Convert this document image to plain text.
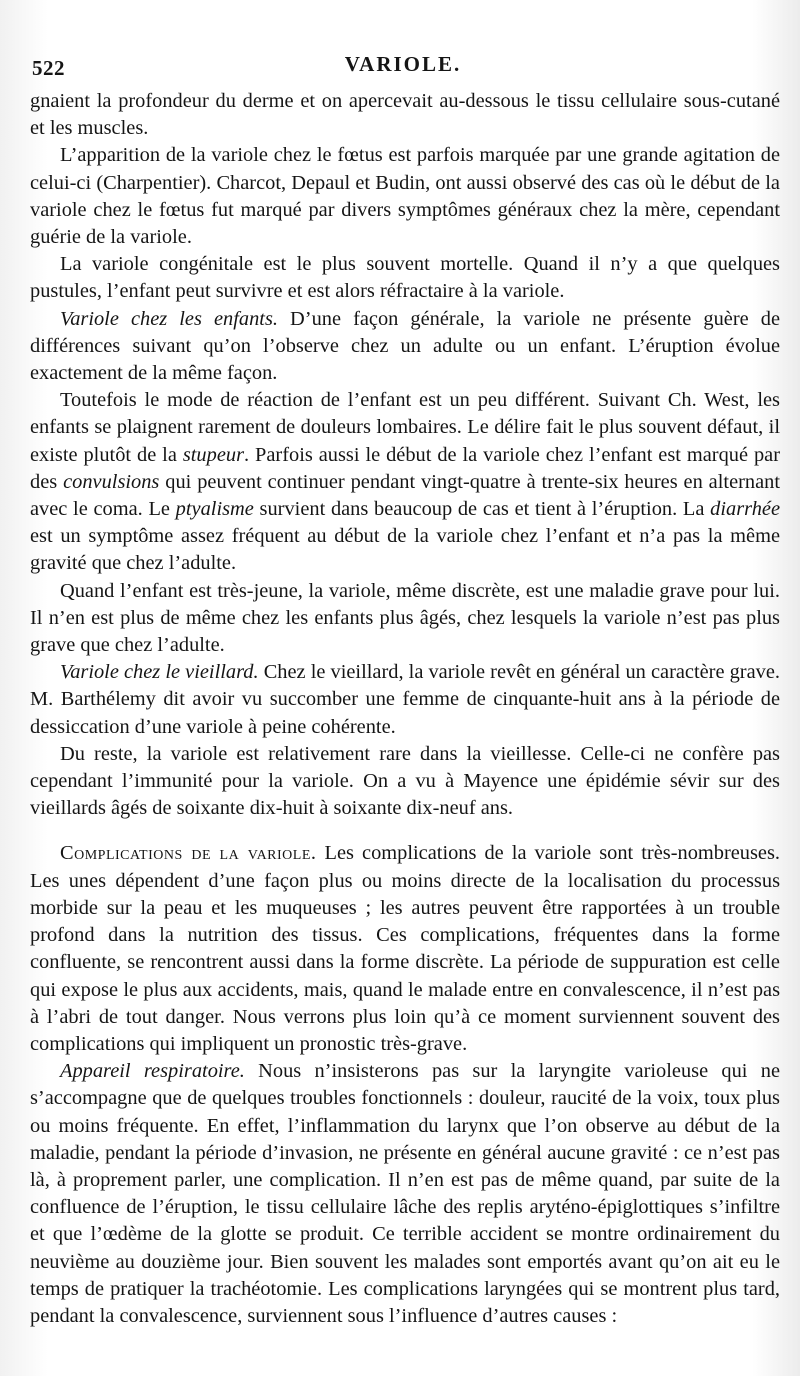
522	VARIOLE.

gnaient la profondeur du derme et on apercevait au-dessous le tissu cellulaire sous-cutané et les muscles.

L’apparition de la variole chez le fœtus est parfois marquée par une grande agitation de celui-ci (Charpentier). Charcot, Depaul et Budin, ont aussi observé des cas où le début de la variole chez le fœtus fut marqué par divers symptômes généraux chez la mère, cependant guérie de la variole.

La variole congénitale est le plus souvent mortelle. Quand il n’y a que quelques pustules, l’enfant peut survivre et est alors réfractaire à la variole.

Variole chez les enfants. D’une façon générale, la variole ne présente guère de différences suivant qu’on l’observe chez un adulte ou un enfant. L’éruption évolue exactement de la même façon.

Toutefois le mode de réaction de l’enfant est un peu différent. Suivant Ch. West, les enfants se plaignent rarement de douleurs lombaires. Le délire fait le plus souvent défaut, il existe plutôt de la stupeur. Parfois aussi le début de la variole chez l’enfant est marqué par des convulsions qui peuvent continuer pendant vingt-quatre à trente-six heures en alternant avec le coma. Le ptyalisme survient dans beaucoup de cas et tient à l’éruption. La diarrhée est un symptôme assez fréquent au début de la variole chez l’enfant et n’a pas la même gravité que chez l’adulte.

Quand l’enfant est très-jeune, la variole, même discrète, est une maladie grave pour lui. Il n’en est plus de même chez les enfants plus âgés, chez lesquels la variole n’est pas plus grave que chez l’adulte.

Variole chez le vieillard. Chez le vieillard, la variole revêt en général un caractère grave. M. Barthélemy dit avoir vu succomber une femme de cinquante-huit ans à la période de dessiccation d’une variole à peine cohérente.

Du reste, la variole est relativement rare dans la vieillesse. Celle-ci ne confère pas cependant l’immunité pour la variole. On a vu à Mayence une épidémie sévir sur des vieillards âgés de soixante dix-huit à soixante dix-neuf ans.

Complications de la variole. Les complications de la variole sont très-nombreuses. Les unes dépendent d’une façon plus ou moins directe de la localisation du processus morbide sur la peau et les muqueuses ; les autres peuvent être rapportées à un trouble profond dans la nutrition des tissus. Ces complications, fréquentes dans la forme confluente, se rencontrent aussi dans la forme discrète. La période de suppuration est celle qui expose le plus aux accidents, mais, quand le malade entre en convalescence, il n’est pas à l’abri de tout danger. Nous verrons plus loin qu’à ce moment surviennent souvent des complications qui impliquent un pronostic très-grave.

Appareil respiratoire. Nous n’insisterons pas sur la laryngite varioleuse qui ne s’accompagne que de quelques troubles fonctionnels : douleur, raucité de la voix, toux plus ou moins fréquente. En effet, l’inflammation du larynx que l’on observe au début de la maladie, pendant la période d’invasion, ne présente en général aucune gravité : ce n’est pas là, à proprement parler, une complication. Il n’en est pas de même quand, par suite de la confluence de l’éruption, le tissu cellulaire lâche des replis aryténo-épiglottiques s’infiltre et que l’œdème de la glotte se produit. Ce terrible accident se montre ordinairement du neuvième au douzième jour. Bien souvent les malades sont emportés avant qu’on ait eu le temps de pratiquer la trachéotomie. Les complications laryngées qui se montrent plus tard, pendant la convalescence, surviennent sous l’influence d’autres causes :
